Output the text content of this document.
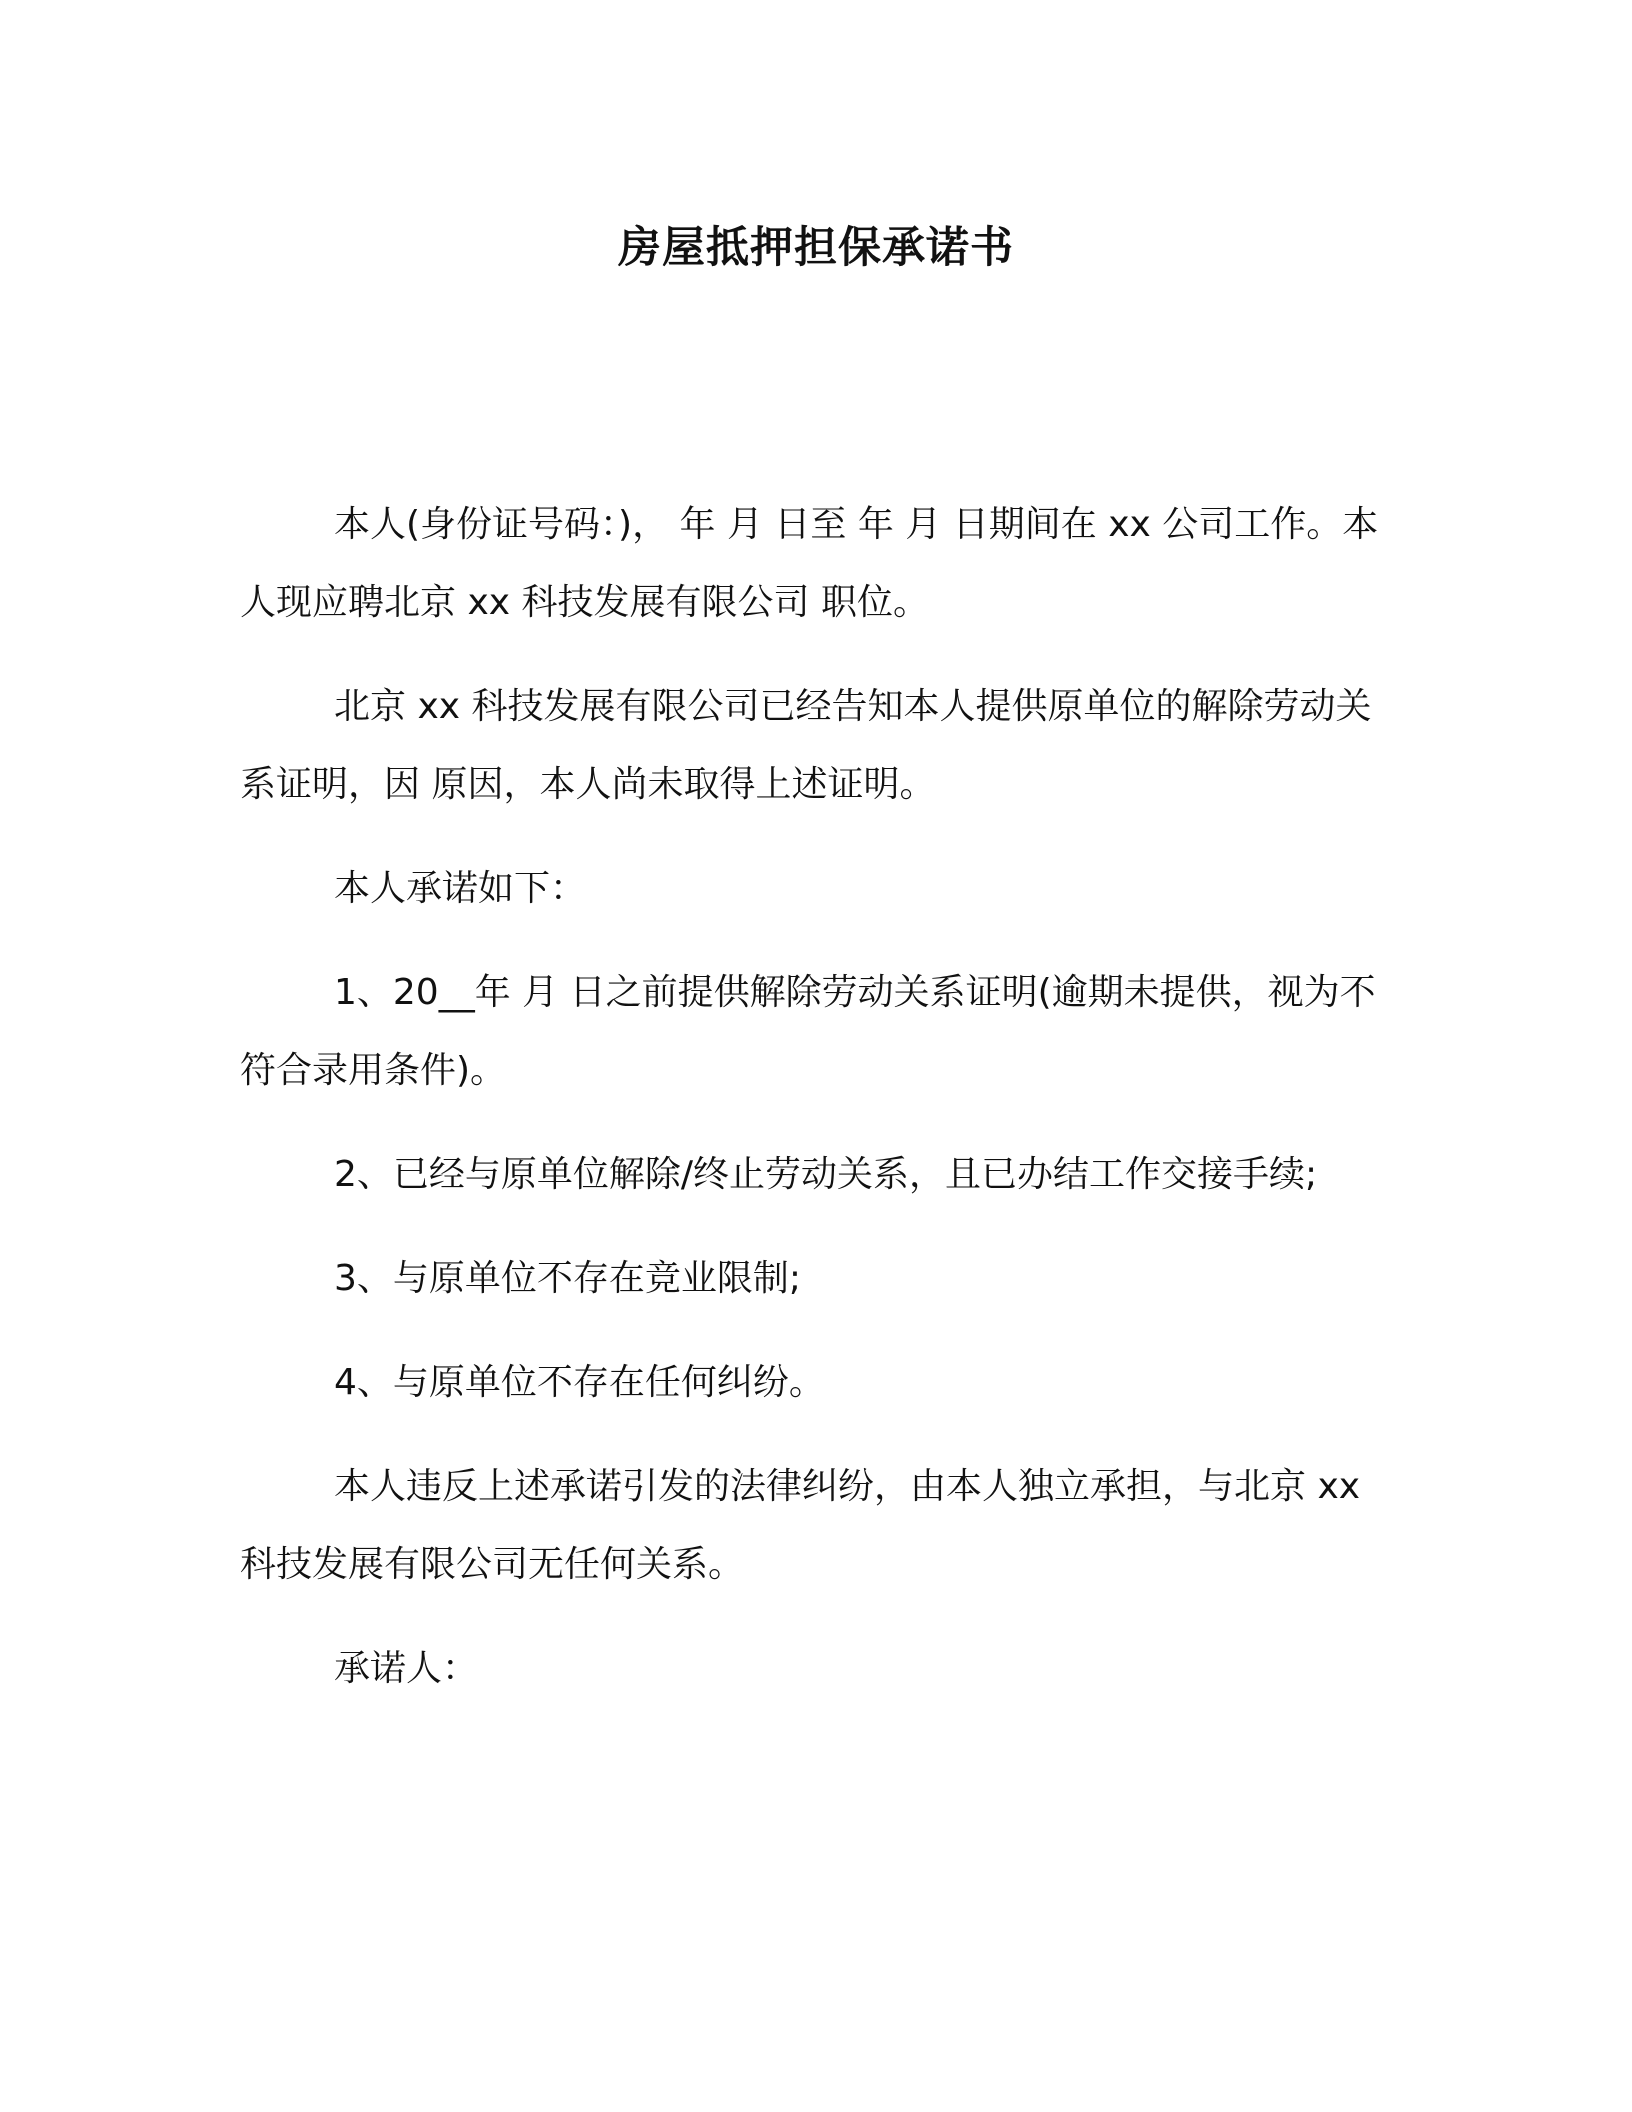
房屋抵押担保承诺书

本人(身份证号码：)， 年 月 日至 年 月 日期间在 xx 公司工作。本人现应聘北京 xx 科技发展有限公司 职位。

北京 xx 科技发展有限公司已经告知本人提供原单位的解除劳动关系证明，因 原因，本人尚未取得上述证明。

本人承诺如下：

1、20__年 月 日之前提供解除劳动关系证明(逾期未提供，视为不符合录用条件)。

2、已经与原单位解除/终止劳动关系，且已办结工作交接手续;

3、与原单位不存在竞业限制;

4、与原单位不存在任何纠纷。

本人违反上述承诺引发的法律纠纷，由本人独立承担，与北京 xx 科技发展有限公司无任何关系。

承诺人：
